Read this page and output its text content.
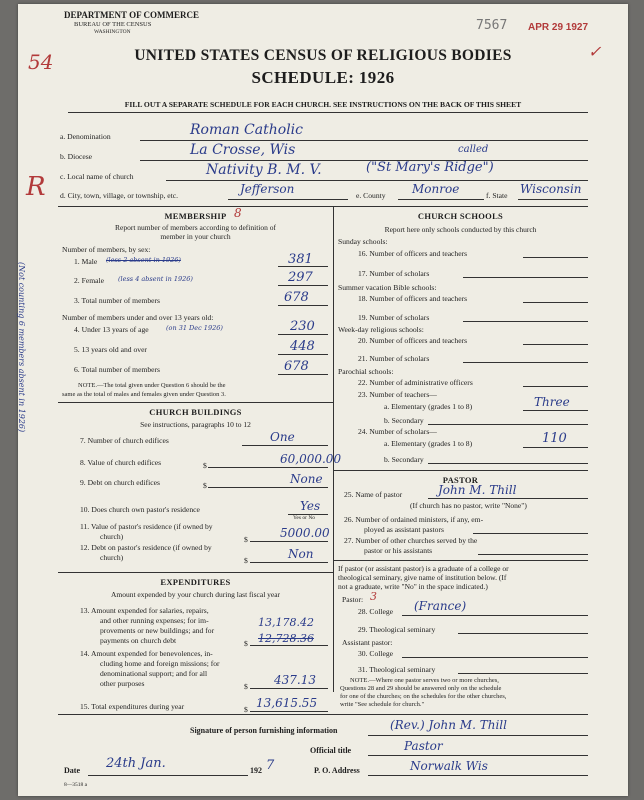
DEPARTMENT OF COMMERCE
BUREAU OF THE CENSUS
WASHINGTON	7567 APR 29 1927
✓
54	UNITED STATES CENSUS OF RELIGIOUS BODIES
SCHEDULE: 1926
FILL OUT A SEPARATE SCHEDULE FOR EACH CHURCH. SEE INSTRUCTIONS ON THE BACK OF THIS SHEET
a. Denomination	Roman Catholic
b. Diocese	La Crosse, Wis
c. Local name of church	Nativity B. M. V.
called
("St Mary's Ridge")
d. City, town, village, or township, etc.	Jefferson	e. County Monroe	f. State Wisconsin
R
(Not counting 6 members absent in 1926)
MEMBERSHIP 8
Report number of members according to definition of
member in your church
Number of members, by sex:
1. Male (less 2 absent in 1926)	381
2. Female (less 4 absent in 1926)	297
3. Total number of members	678
Number of members under and over 13 years old:
4. Under 13 years of age	(on 31 Dec 1926)	230
5. 13 years old and over	448
6. Total number of members	678
NOTE.—The total given under Question 6 should be the
same as the total of males and females given under Question 3.
CHURCH BUILDINGS
See instructions, paragraphs 10 to 12
7. Number of church edifices	One
8. Value of church edifices	$	60,000.00
9. Debt on church edifices	$	None
10. Does church own pastor's residence	Yes
Yes or No
11. Value of pastor's residence (if owned by
church)	$	5000.00
12. Debt on pastor's residence (if owned by
church)	$	Non
EXPENDITURES
Amount expended by your church during last fiscal year
13. Amount expended for salaries, repairs,
and other running expenses; for im-
provements or new buildings; and for
payments on church debt	$
13,178.42
12,728.36
14. Amount expended for benevolences, in-
cluding home and foreign missions; for
denominational support; and for all
other purposes	$ 437.13
15. Total expenditures during year	$ 13,615.55
CHURCH SCHOOLS
Report here only schools conducted by this church
Sunday schools:
16. Number of officers and teachers
17. Number of scholars
Summer vacation Bible schools:
18. Number of officers and teachers
19. Number of scholars
Week-day religious schools:
20. Number of officers and teachers
21. Number of scholars
Parochial schools:
22. Number of administrative officers
23. Number of teachers—
a. Elementary (grades 1 to 8)	Three
b. Secondary
24. Number of scholars—
a. Elementary (grades 1 to 8)	110
b. Secondary
PASTOR
25. Name of pastor	John M. Thill
(If church has no pastor, write "None")
26. Number of ordained ministers, if any, em-
ployed as assistant pastors
27. Number of other churches served by the
pastor or his assistants
If pastor (or assistant pastor) is a graduate of a college or
theological seminary, give name of institution below. (If
not a graduate, write "No" in the space indicated.)
Pastor: 3
28. College (France)
29. Theological seminary
Assistant pastor:
30. College
31. Theological seminary
NOTE.—Where one pastor serves two or more churches,
Questions 28 and 29 should be answered only on the schedule
for one of the churches; on the schedules for the other churches,
write "See schedule for church."
Signature of person furnishing information	(Rev.) John M. Thill
Official title	Pastor
Date 24th Jan.	192 7	P. O. Address	Norwalk Wis
8—3518 a
